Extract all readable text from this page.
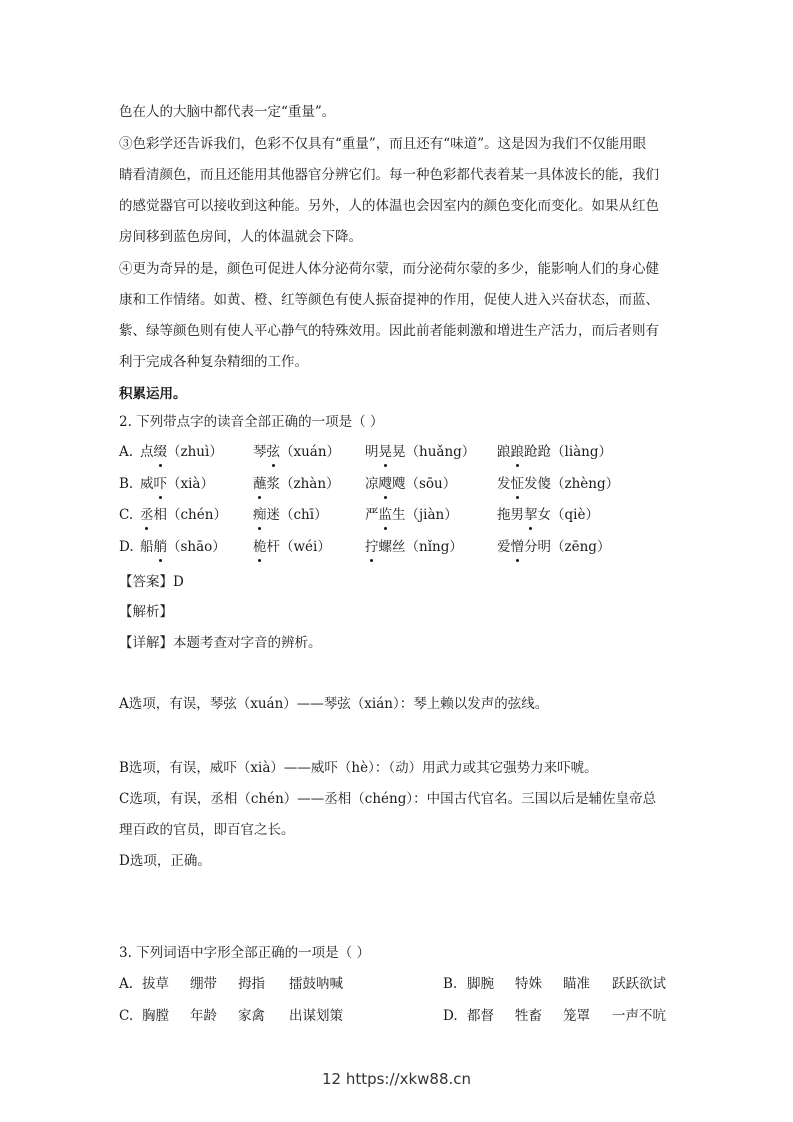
色在人的大脑中都代表一定“重量”。
③色彩学还告诉我们，色彩不仅具有“重量”，而且还有“味道”。这是因为我们不仅能用眼
睛看清颜色，而且还能用其他器官分辨它们。每一种色彩都代表着某一具体波长的能，我们
的感觉器官可以接收到这种能。另外，人的体温也会因室内的颜色变化而变化。如果从红色
房间移到蓝色房间，人的体温就会下降。
④更为奇异的是，颜色可促进人体分泌荷尔蒙，而分泌荷尔蒙的多少，能影响人们的身心健
康和工作情绪。如黄、橙、红等颜色有使人振奋提神的作用，促使人进入兴奋状态，而蓝、
紫、绿等颜色则有使人平心静气的特殊效用。因此前者能刺激和增进生产活力，而后者则有
利于完成各种复杂精细的工作。
积累运用。
2. 下列带点字的读音全部正确的一项是（ ）
A. 点缀（zhuì） 琴弦（xuán） 明晃晃（huǎng） 踉踉跄跄（liàng）
B. 威吓（xià）	蘸浆（zhàn） 凉飕飕（sōu）	发怔发傻（zhèng）
C. 丞相（chén） 痴迷（chī）	严监生（jiàn）	拖男挈女（qiè）
D. 船艄（shāo） 桅杆（wéi）	拧螺丝（nǐng）	爱憎分明（zēng）
【答案】D
【解析】
【详解】本题考查对字音的辨析。
A选项，有误，琴弦（xuán）——琴弦（xián）：琴上赖以发声的弦线。
B选项，有误，威吓（xià）——威吓（hè）：（动）用武力或其它强势力来吓唬。
C选项，有误，丞相（chén）——丞相（chéng）：中国古代官名。三国以后是辅佐皇帝总
理百政的官员，即百官之长。
D选项，正确。
3. 下列词语中字形全部正确的一项是（ ）
A. 拔草 绷带 拇指 擂鼓呐喊	B. 脚腕 特姝 瞄准 跃跃欲试
C. 胸膛 年龄 家禽 出谋划策	D. 都督 牲畜 笼罩 一声不吭
12 https://xkw88.cn
